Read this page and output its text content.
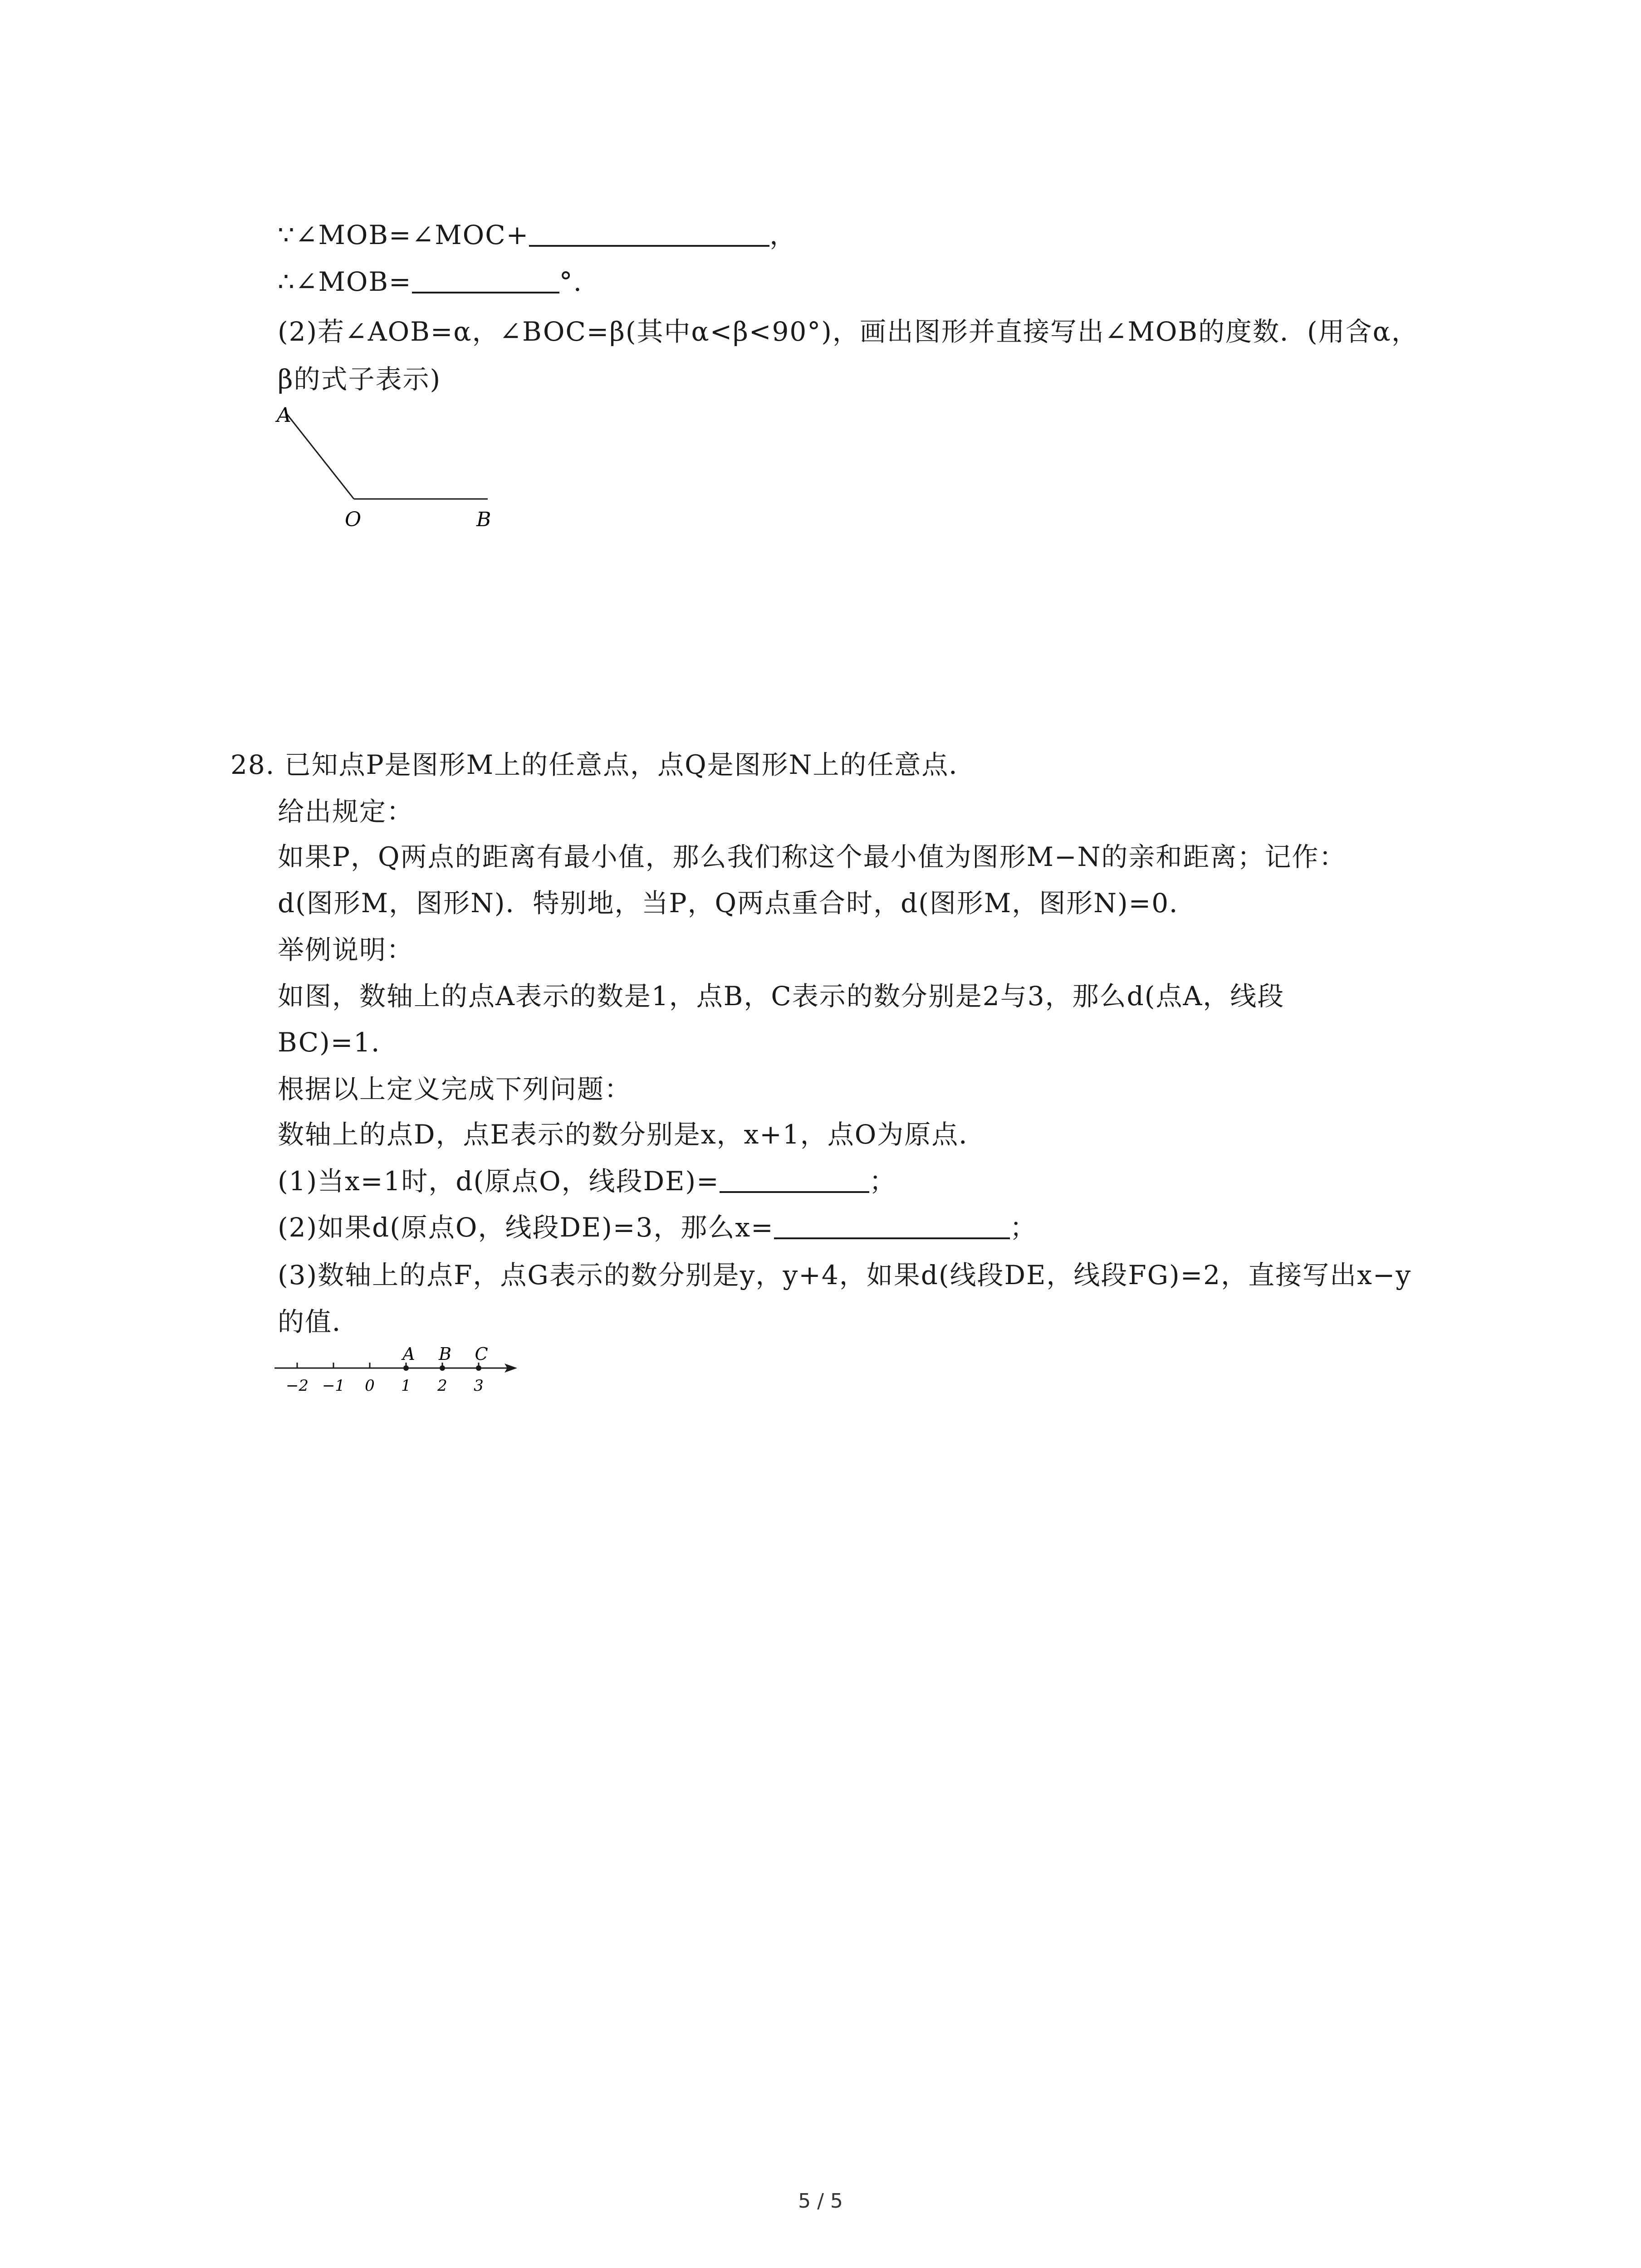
∵∠MOB=∠MOC+	，
∴∠MOB=	°.
(2)若∠AOB=α，∠BOC=β(其中α<β<90°)，画出图形并直接写出∠MOB的度数．(用含α，
β的式子表示)
A
O	B
28. 已知点P是图形M上的任意点，点Q是图形N上的任意点．
给出规定：
如果P，Q两点的距离有最小值，那么我们称这个最小值为图形M−N的亲和距离；记作：
d(图形M，图形N)．特别地，当P，Q两点重合时，d(图形M，图形N)=0．
举例说明：
如图，数轴上的点A表示的数是1，点B，C表示的数分别是2与3，那么d(点A，线段
BC)=1．
根据以上定义完成下列问题：
数轴上的点D，点E表示的数分别是x，x+1，点O为原点．
(1)当x=1时，d(原点O，线段DE)=	；
(2)如果d(原点O，线段DE)=3，那么x=	；
(3)数轴上的点F，点G表示的数分别是y，y+4，如果d(线段DE，线段FG)=2，直接写出x−y
的值．
−2 −1 0 1 2 3
A B C
5 / 5
